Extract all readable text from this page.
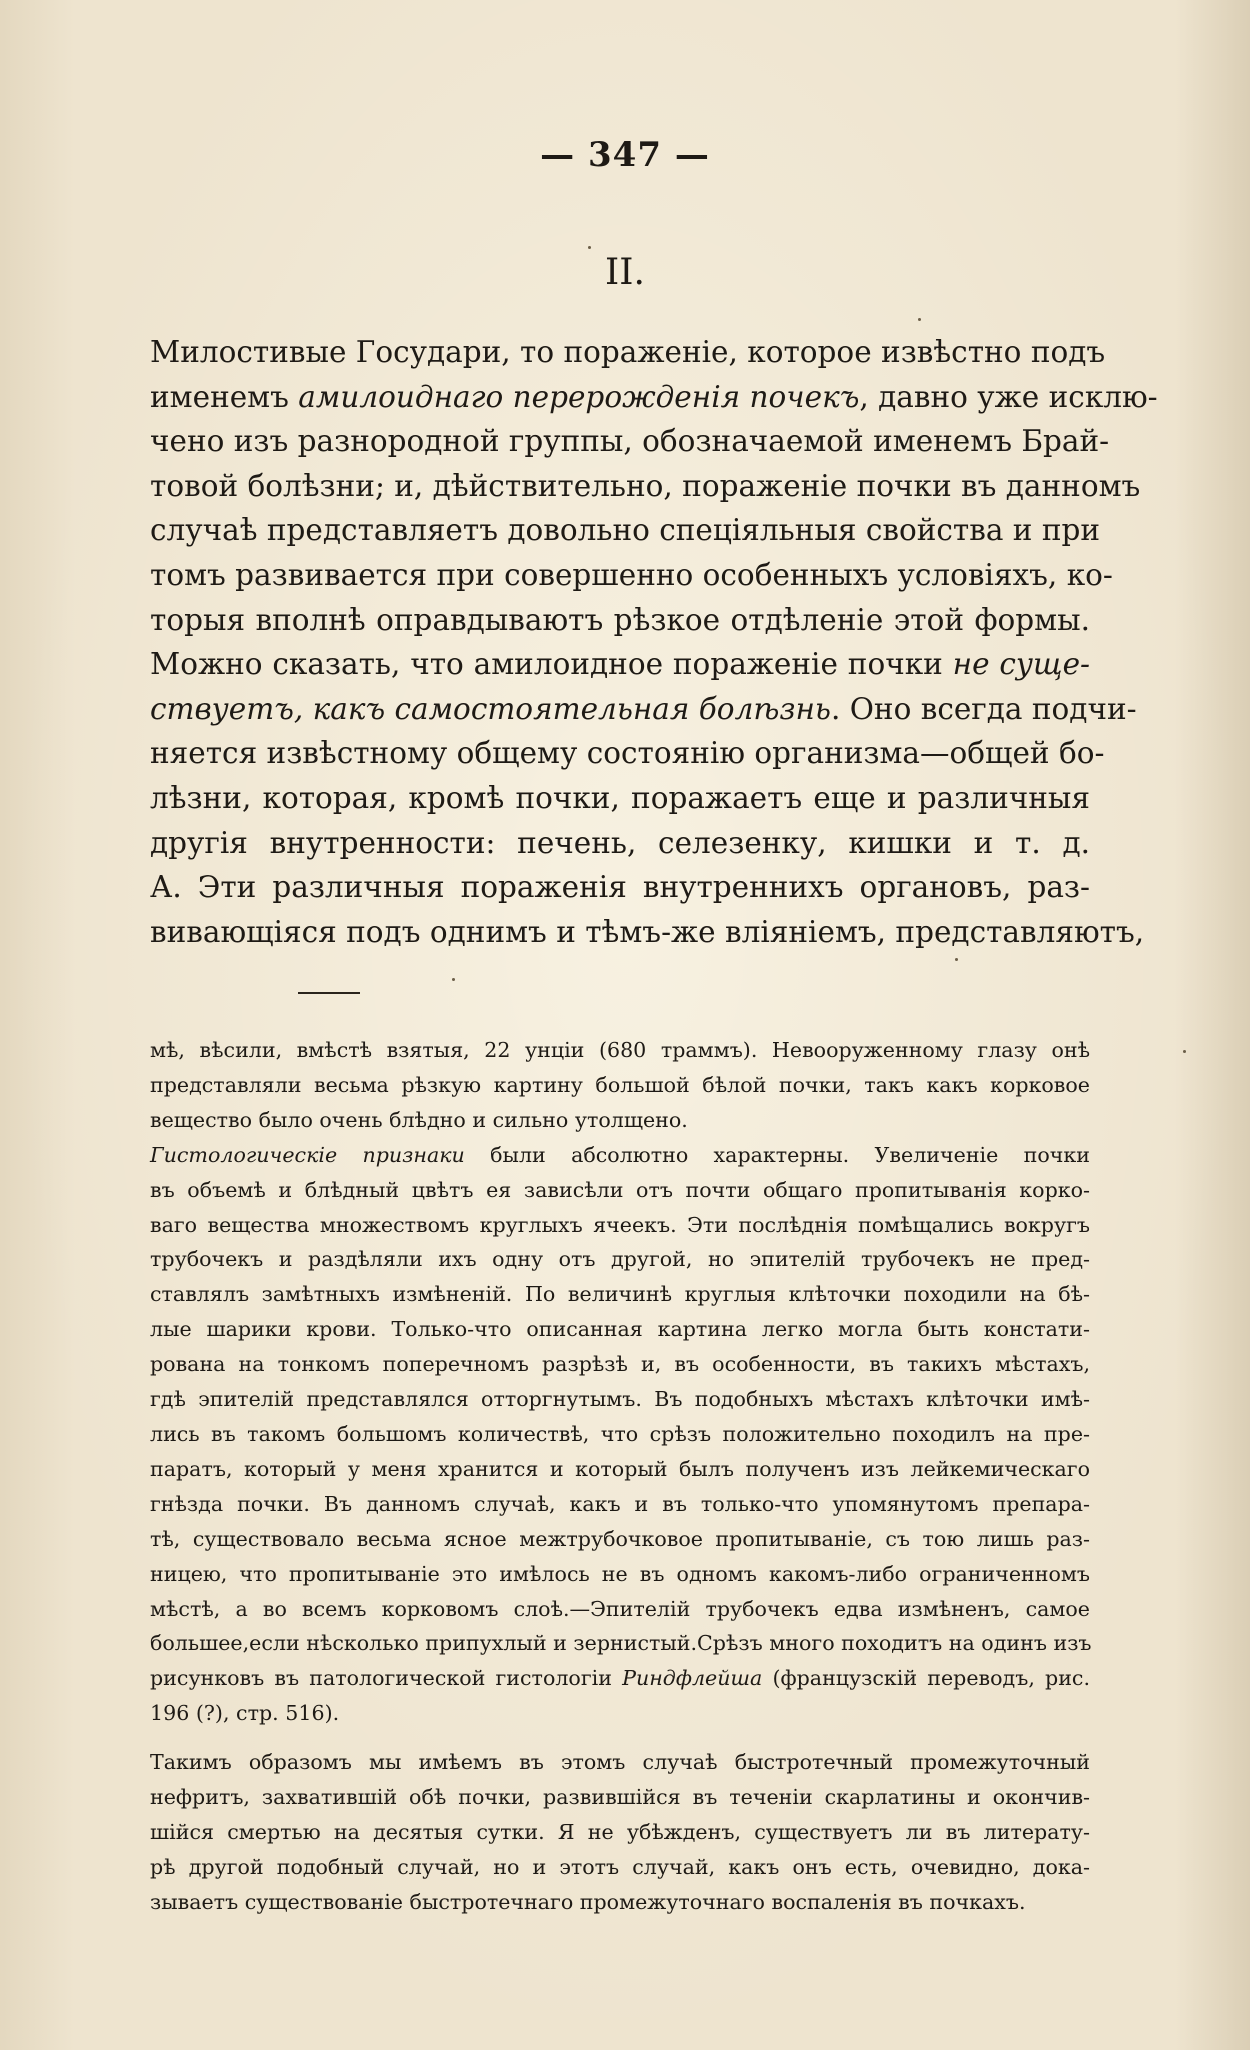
— 347 —
II.
Милостивые Государи, то пораженіе, которое извѣстно подъ
именемъ амилоиднаго перерожденія почекъ, давно уже исклю-
чено изъ разнородной группы, обозначаемой именемъ Брай-
товой болѣзни; и, дѣйствительно, пораженіе почки въ данномъ
случаѣ представляетъ довольно спеціяльныя свойства и при
томъ развивается при совершенно особенныхъ условіяхъ, ко-
торыя вполнѣ оправдываютъ рѣзкое отдѣленіе этой формы.
Можно сказать, что амилоидное пораженіе почки не суще-
ствуетъ, какъ самостоятельная болѣзнь. Оно всегда подчи-
няется извѣстному общему состоянію организма—общей бо-
лѣзни, которая, кромѣ почки, поражаетъ еще и различныя
другія внутренности: печень, селезенку, кишки и т. д.
А. Эти различныя пораженія внутреннихъ органовъ, раз-
вивающіяся подъ однимъ и тѣмъ-же вліяніемъ, представляютъ,
мѣ, вѣсили, вмѣстѣ взятыя, 22 унціи (680 траммъ). Невооруженному глазу онѣ
представляли весьма рѣзкую картину большой бѣлой почки, такъ какъ корковое
вещество было очень блѣдно и сильно утолщено.
Гистологическіе признаки были абсолютно характерны. Увеличеніе почки
въ объемѣ и блѣдный цвѣтъ ея зависѣли отъ почти общаго пропитыванія корко-
ваго вещества множествомъ круглыхъ ячеекъ. Эти послѣднія помѣщались вокругъ
трубочекъ и раздѣляли ихъ одну отъ другой, но эпителій трубочекъ не пред-
ставлялъ замѣтныхъ измѣненій. По величинѣ круглыя клѣточки походили на бѣ-
лые шарики крови. Только-что описанная картина легко могла быть констати-
рована на тонкомъ поперечномъ разрѣзѣ и, въ особенности, въ такихъ мѣстахъ,
гдѣ эпителій представлялся отторгнутымъ. Въ подобныхъ мѣстахъ клѣточки имѣ-
лись въ такомъ большомъ количествѣ, что срѣзъ положительно походилъ на пре-
паратъ, который у меня хранится и который былъ полученъ изъ лейкемическаго
гнѣзда почки. Въ данномъ случаѣ, какъ и въ только-что упомянутомъ препара-
тѣ, существовало весьма ясное межтрубочковое пропитываніе, съ тою лишь раз-
ницею, что пропитываніе это имѣлось не въ одномъ какомъ-либо ограниченномъ
мѣстѣ, а во всемъ корковомъ слоѣ.—Эпителій трубочекъ едва измѣненъ, самое
большее,если нѣсколько припухлый и зернистый.Срѣзъ много походитъ на одинъ изъ
рисунковъ въ патологической гистологіи Риндфлейша (французскій переводъ, рис.
196 (?), стр. 516).
Такимъ образомъ мы имѣемъ въ этомъ случаѣ быстротечный промежуточный
нефритъ, захватившій обѣ почки, развившійся въ теченіи скарлатины и окончив-
шійся смертью на десятыя сутки. Я не убѣжденъ, существуетъ ли въ литерату-
рѣ другой подобный случай, но и этотъ случай, какъ онъ есть, очевидно, дока-
зываетъ существованіе быстротечнаго промежуточнаго воспаленія въ почкахъ.
